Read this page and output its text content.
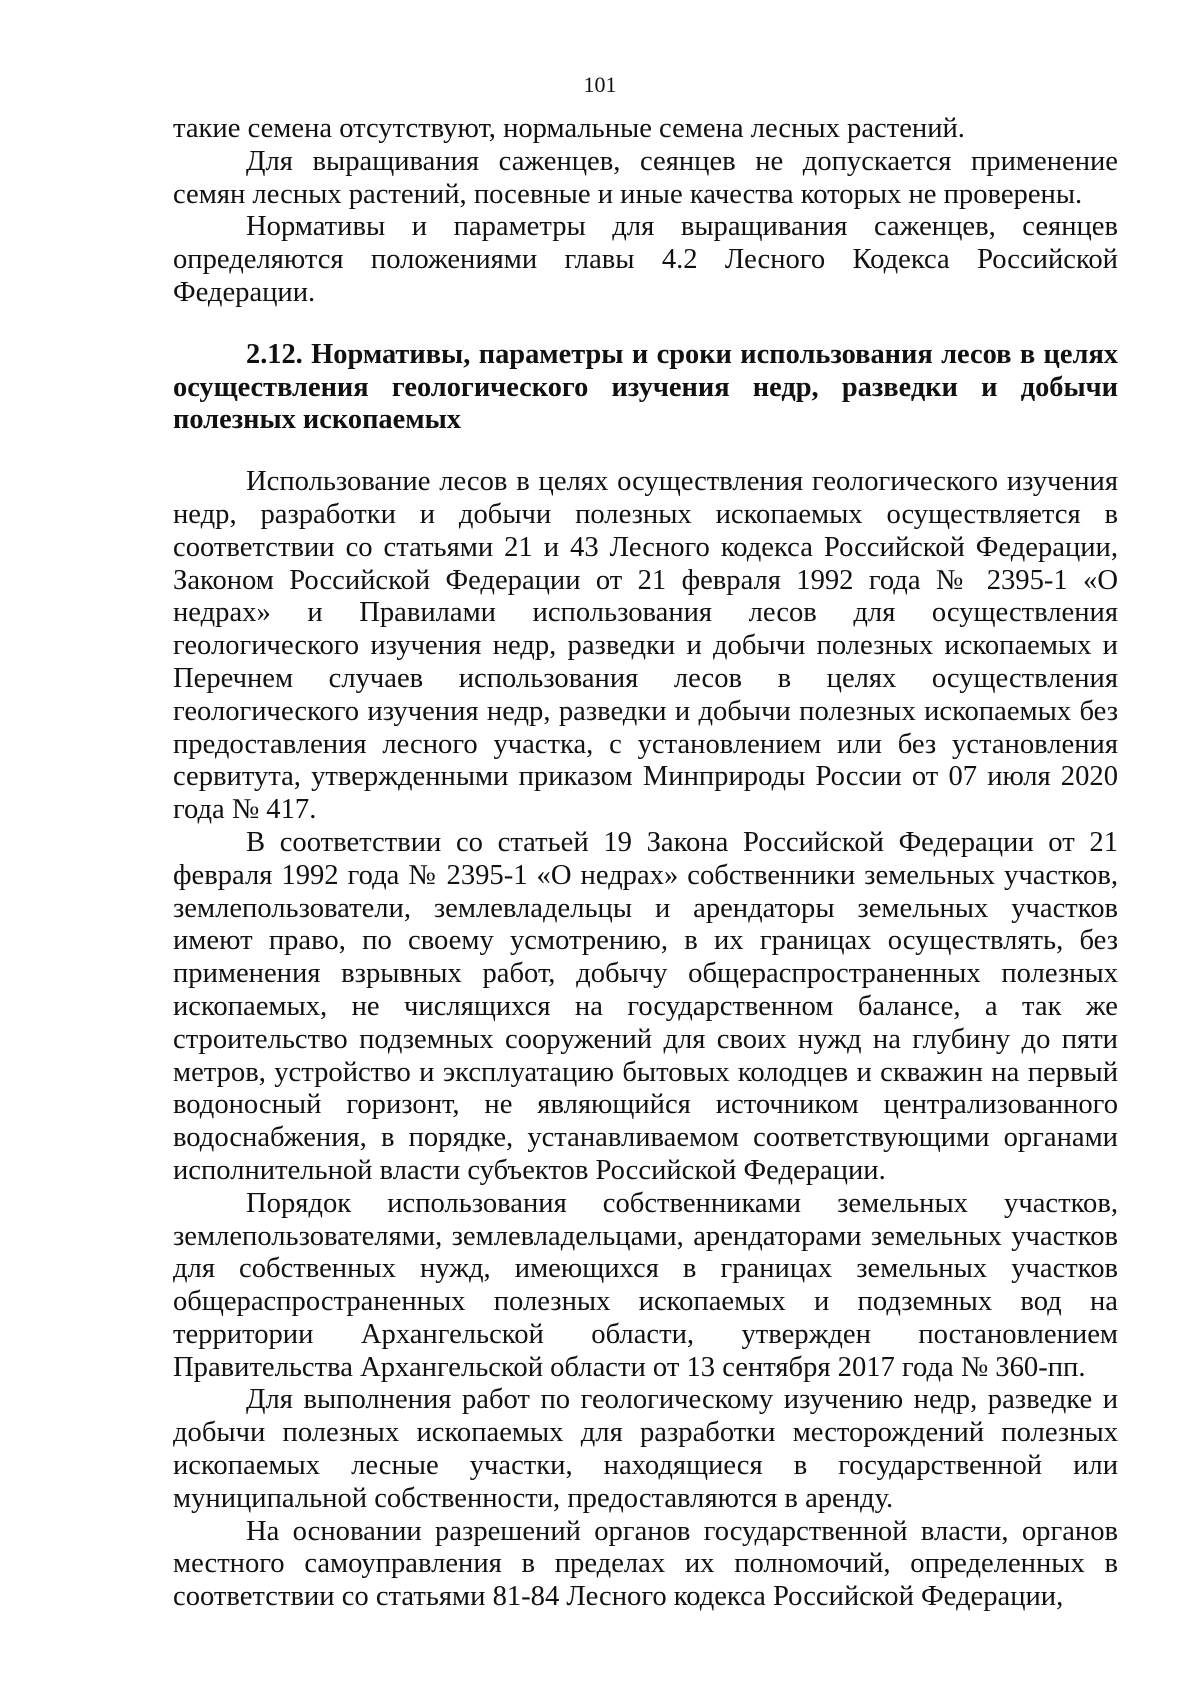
101

такие семена отсутствуют, нормальные семена лесных растений.

Для выращивания саженцев, сеянцев не допускается применение семян лесных растений, посевные и иные качества которых не проверены.

Нормативы и параметры для выращивания саженцев, сеянцев определяются положениями главы 4.2 Лесного Кодекса Российской Федерации.

2.12. Нормативы, параметры и сроки использования лесов в целях осуществления геологического изучения недр, разведки и добычи полезных ископаемых

Использование лесов в целях осуществления геологического изучения недр, разработки и добычи полезных ископаемых осуществляется в соответствии со статьями 21 и 43 Лесного кодекса Российской Федерации, Законом Российской Федерации от 21 февраля 1992 года № 2395-1 «О недрах» и Правилами использования лесов для осуществления геологического изучения недр, разведки и добычи полезных ископаемых и Перечнем случаев использования лесов в целях осуществления геологического изучения недр, разведки и добычи полезных ископаемых без предоставления лесного участка, с установлением или без установления сервитута, утвержденными приказом Минприроды России от 07 июля 2020 года № 417.

В соответствии со статьей 19 Закона Российской Федерации от 21 февраля 1992 года № 2395-1 «О недрах» собственники земельных участков, землепользователи, землевладельцы и арендаторы земельных участков имеют право, по своему усмотрению, в их границах осуществлять, без применения взрывных работ, добычу общераспространенных полезных ископаемых, не числящихся на государственном балансе, а так же строительство подземных сооружений для своих нужд на глубину до пяти метров, устройство и эксплуатацию бытовых колодцев и скважин на первый водоносный горизонт, не являющийся источником централизованного водоснабжения, в порядке, устанавливаемом соответствующими органами исполнительной власти субъектов Российской Федерации.

Порядок использования собственниками земельных участков, землепользователями, землевладельцами, арендаторами земельных участков для собственных нужд, имеющихся в границах земельных участков общераспространенных полезных ископаемых и подземных вод на территории Архангельской области, утвержден постановлением Правительства Архангельской области от 13 сентября 2017 года № 360-пп.

Для выполнения работ по геологическому изучению недр, разведке и добычи полезных ископаемых для разработки месторождений полезных ископаемых лесные участки, находящиеся в государственной или муниципальной собственности, предоставляются в аренду.

На основании разрешений органов государственной власти, органов местного самоуправления в пределах их полномочий, определенных в соответствии со статьями 81-84 Лесного кодекса Российской Федерации,
